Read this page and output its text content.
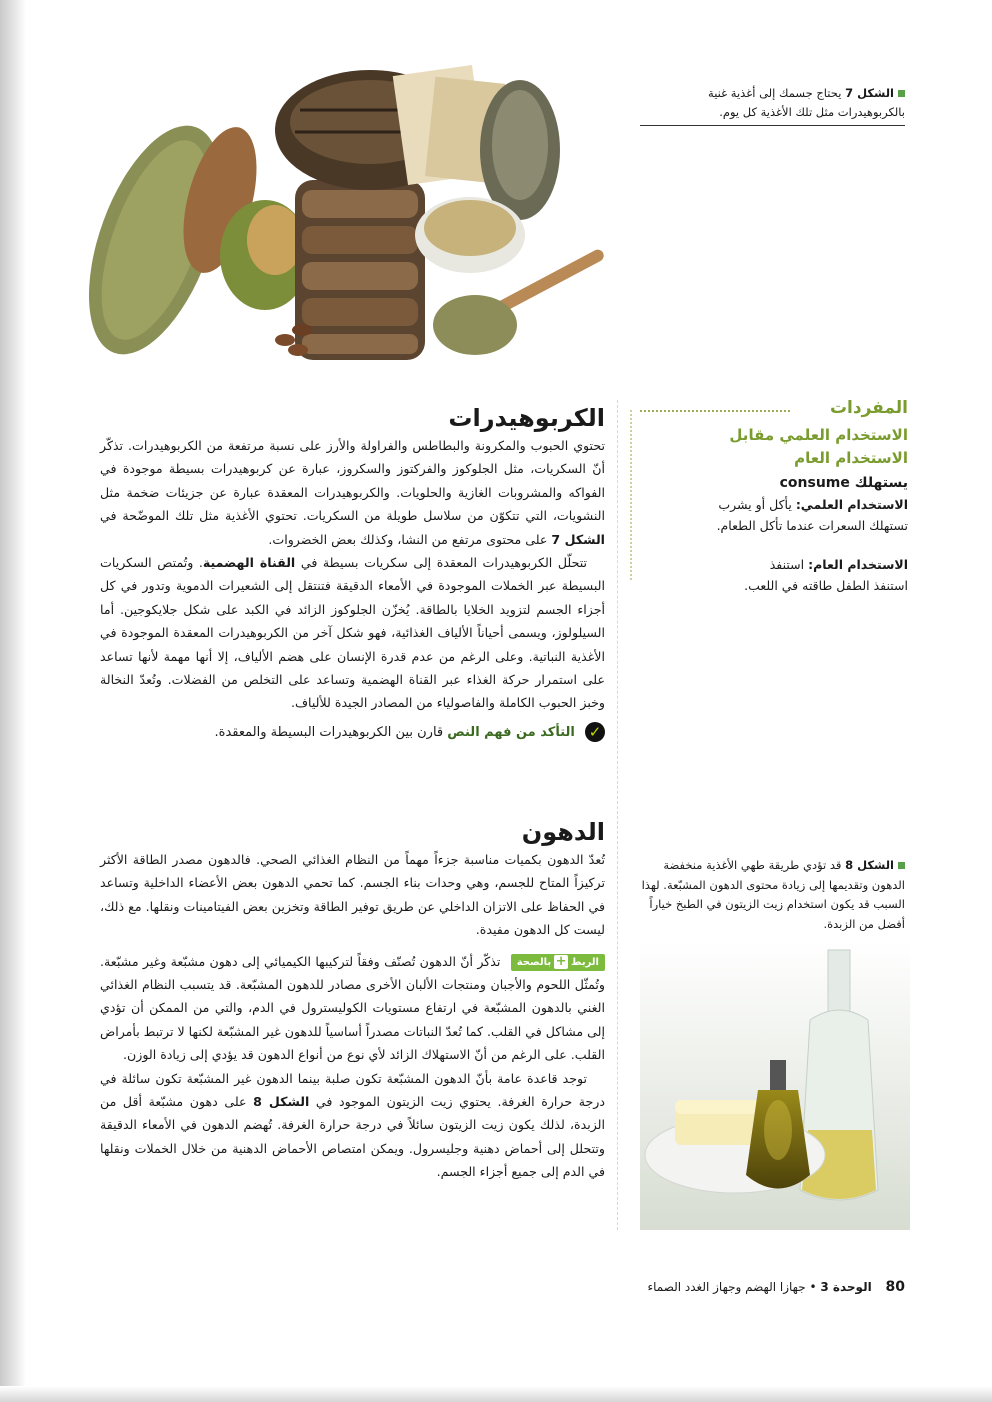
الشكل 7 يحتاج جسمك إلى أغذية غنية بالكربوهيدرات مثل تلك الأغذية كل يوم.
المفردات
الاستخدام العلمي مقابل
الاستخدام العام
يستهلك consume
الاستخدام العلمي: يأكل أو يشرب
تستهلك السعرات عندما تأكل الطعام.
الاستخدام العام: استنفذ
استنفذ الطفل طاقته في اللعب.
الكربوهيدرات

تحتوي الحبوب والمكرونة والبطاطس والفراولة والأرز على نسبة مرتفعة من الكربوهيدرات. تذكّر أنّ السكريات، مثل الجلوكوز والفركتوز والسكروز، عبارة عن كربوهيدرات بسيطة موجودة في الفواكه والمشروبات الغازية والحلويات. والكربوهيدرات المعقدة عبارة عن جزيئات ضخمة مثل النشويات، التي تتكوّن من سلاسل طويلة من السكريات. تحتوي الأغذية مثل تلك الموضّحة في الشكل 7 على محتوى مرتفع من النشا، وكذلك بعض الخضروات.

تتحلّل الكربوهيدرات المعقدة إلى سكريات بسيطة في القناة الهضمية. وتُمتص السكريات البسيطة عبر الخملات الموجودة في الأمعاء الدقيقة فتنتقل إلى الشعيرات الدموية وتدور في كل أجزاء الجسم لتزويد الخلايا بالطاقة. يُخزّن الجلوكوز الزائد في الكبد على شكل جلايكوجين. أما السيلولوز، ويسمى أحياناً الألياف الغذائية، فهو شكل آخر من الكربوهيدرات المعقدة الموجودة في الأغذية النباتية. وعلى الرغم من عدم قدرة الإنسان على هضم الألياف، إلا أنها مهمة لأنها تساعد على استمرار حركة الغذاء عبر القناة الهضمية وتساعد على التخلص من الفضلات. وتُعدّ النخالة وخبز الحبوب الكاملة والفاصولياء من المصادر الجيدة للألياف.

✓ التأكد من فهم النص قارن بين الكربوهيدرات البسيطة والمعقدة.
الدهون

تُعدّ الدهون بكميات مناسبة جزءاً مهماً من النظام الغذائي الصحي. فالدهون مصدر الطاقة الأكثر تركيزاً المتاح للجسم، وهي وحدات بناء الجسم. كما تحمي الدهون بعض الأعضاء الداخلية وتساعد في الحفاظ على الاتزان الداخلي عن طريق توفير الطاقة وتخزين بعض الفيتامينات ونقلها. مع ذلك، ليست كل الدهون مفيدة.

الربط+بالصحة تذكّر أنّ الدهون تُصنّف وفقاً لتركيبها الكيميائي إلى دهون مشبّعة وغير مشبّعة. وتُمثّل اللحوم والأجبان ومنتجات الألبان الأخرى مصادر للدهون المشبّعة. قد يتسبب النظام الغذائي الغني بالدهون المشبّعة في ارتفاع مستويات الكوليسترول في الدم، والتي من الممكن أن تؤدي إلى مشاكل في القلب. كما تُعدّ النباتات مصدراً أساسياً للدهون غير المشبّعة لكنها لا ترتبط بأمراض القلب. على الرغم من أنّ الاستهلاك الزائد لأي نوع من أنواع الدهون قد يؤدي إلى زيادة الوزن.

توجد قاعدة عامة بأنّ الدهون المشبّعة تكون صلبة بينما الدهون غير المشبّعة تكون سائلة في درجة حرارة الغرفة. يحتوي زيت الزيتون الموجود في الشكل 8 على دهون مشبّعة أقل من الزبدة، لذلك يكون زيت الزيتون سائلاً في درجة حرارة الغرفة. تُهضم الدهون في الأمعاء الدقيقة وتتحلل إلى أحماض دهنية وجليسرول. ويمكن امتصاص الأحماض الدهنية من خلال الخملات ونقلها في الدم إلى جميع أجزاء الجسم.

الشكل 8 قد تؤدي طريقة طهي الأغذية منخفضة الدهون وتقديمها إلى زيادة محتوى الدهون المشبّعة. لهذا السبب قد يكون استخدام زيت الزيتون في الطبخ خياراً أفضل من الزبدة.
80 الوحدة 3 • جهازا الهضم وجهاز الغدد الصماء
